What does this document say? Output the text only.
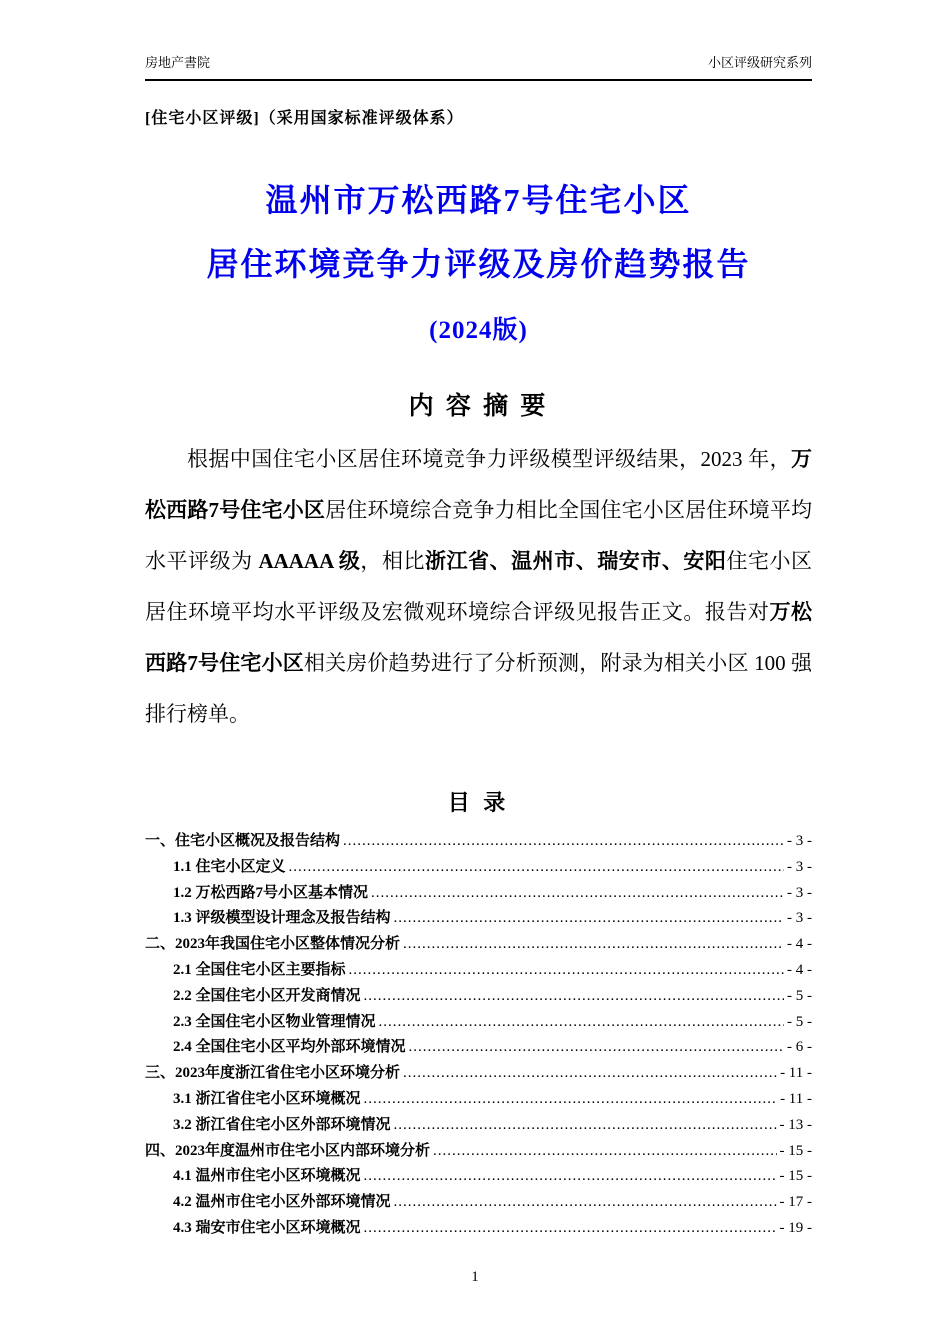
房地产書院	小区评级研究系列
[住宅小区评级]（采用国家标准评级体系）
温州市万松西路7号住宅小区
居住环境竞争力评级及房价趋势报告
(2024版)
内 容 摘 要

根据中国住宅小区居住环境竞争力评级模型评级结果，2023 年，万松西路7号住宅小区居住环境综合竞争力相比全国住宅小区居住环境平均水平评级为 AAAAA 级，相比浙江省、温州市、瑞安市、安阳住宅小区居住环境平均水平评级及宏微观环境综合评级见报告正文。报告对万松西路7号住宅小区相关房价趋势进行了分析预测，附录为相关小区 100 强排行榜单。

目 录
一、住宅小区概况及报告结构 .....	- 3 -
1.1 住宅小区定义 .....	- 3 -
1.2 万松西路7号小区基本情况 .....	- 3 -
1.3 评级模型设计理念及报告结构 .....	- 3 -
二、2023年我国住宅小区整体情况分析 .....	- 4 -
2.1 全国住宅小区主要指标 .....	- 4 -
2.2 全国住宅小区开发商情况 .....	- 5 -
2.3 全国住宅小区物业管理情况 .....	- 5 -
2.4 全国住宅小区平均外部环境情况 .....	- 6 -
三、2023年度浙江省住宅小区环境分析 .....	- 11 -
3.1 浙江省住宅小区环境概况 .....	- 11 -
3.2 浙江省住宅小区外部环境情况 .....	- 13 -
四、2023年度温州市住宅小区内部环境分析 .....	- 15 -
4.1 温州市住宅小区环境概况 .....	- 15 -
4.2 温州市住宅小区外部环境情况 .....	- 17 -
4.3 瑞安市住宅小区环境概况 .....	- 19 -
1
